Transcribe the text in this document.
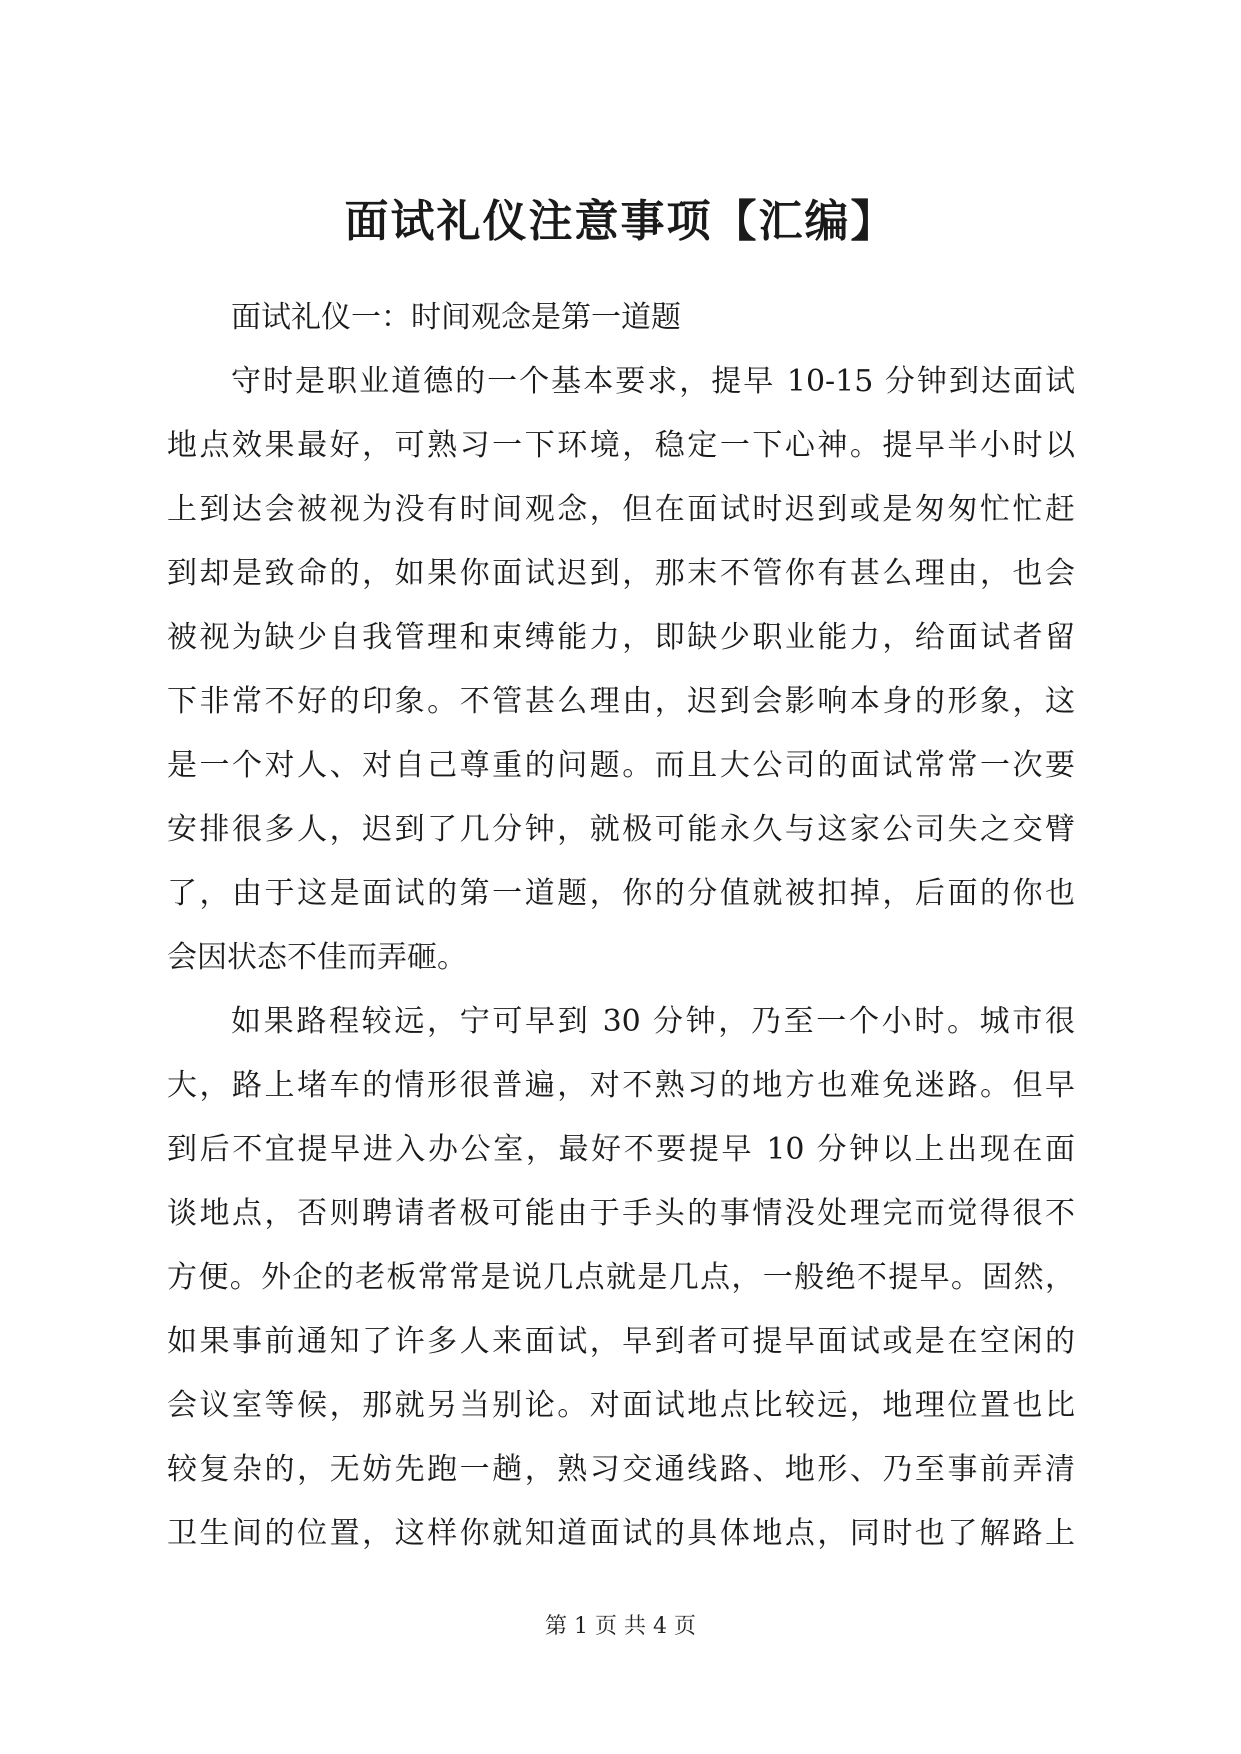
面试礼仪注意事项【汇编】
面试礼仪一：时间观念是第一道题
守时是职业道德的一个基本要求，提早 10-15 分钟到达面试
地点效果最好，可熟习一下环境，稳定一下心神。提早半小时以
上到达会被视为没有时间观念，但在面试时迟到或是匆匆忙忙赶
到却是致命的，如果你面试迟到，那末不管你有甚么理由，也会
被视为缺少自我管理和束缚能力，即缺少职业能力，给面试者留
下非常不好的印象。不管甚么理由，迟到会影响本身的形象，这
是一个对人、对自己尊重的问题。而且大公司的面试常常一次要
安排很多人，迟到了几分钟，就极可能永久与这家公司失之交臂
了，由于这是面试的第一道题，你的分值就被扣掉，后面的你也
会因状态不佳而弄砸。
如果路程较远，宁可早到 30 分钟，乃至一个小时。城市很
大，路上堵车的情形很普遍，对不熟习的地方也难免迷路。但早
到后不宜提早进入办公室，最好不要提早 10 分钟以上出现在面
谈地点，否则聘请者极可能由于手头的事情没处理完而觉得很不
方便。外企的老板常常是说几点就是几点，一般绝不提早。固然，
如果事前通知了许多人来面试，早到者可提早面试或是在空闲的
会议室等候，那就另当别论。对面试地点比较远，地理位置也比
较复杂的，无妨先跑一趟，熟习交通线路、地形、乃至事前弄清
卫生间的位置，这样你就知道面试的具体地点，同时也了解路上
第 1 页 共 4 页
